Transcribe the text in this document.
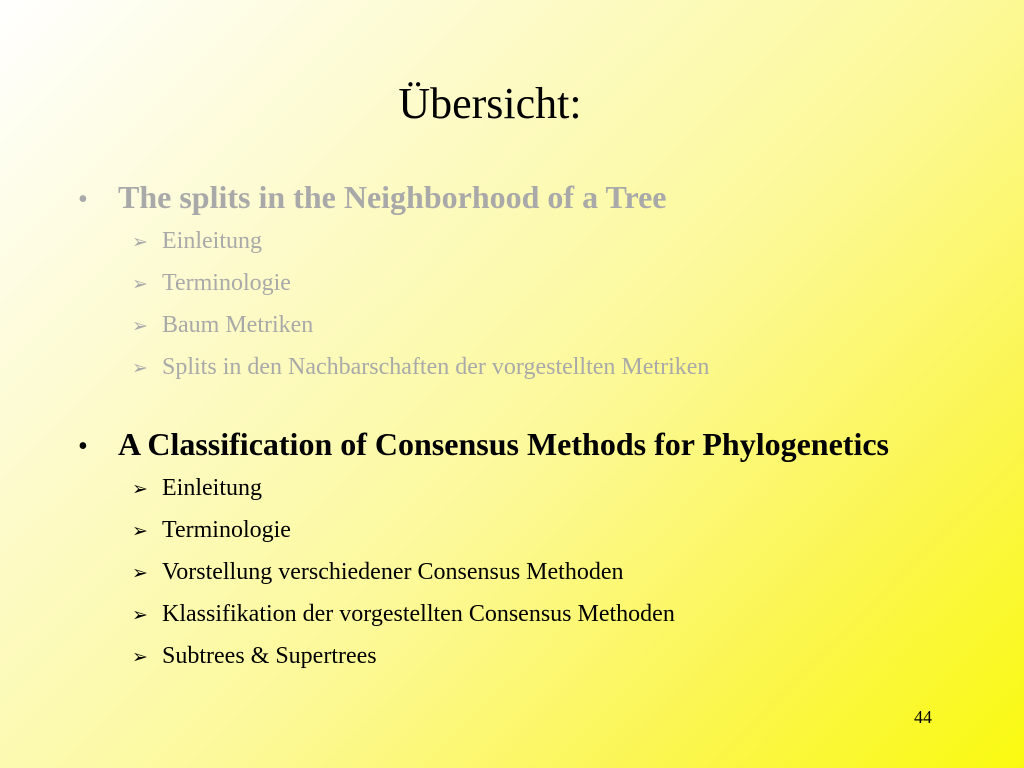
Übersicht:
• The splits in the Neighborhood of a Tree
➢ Einleitung
➢ Terminologie
➢ Baum Metriken
➢ Splits in den Nachbarschaften der vorgestellten Metriken
• A Classification of Consensus Methods for Phylogenetics
➢ Einleitung
➢ Terminologie
➢ Vorstellung verschiedener Consensus Methoden
➢ Klassifikation der vorgestellten Consensus Methoden
➢ Subtrees & Supertrees
44
